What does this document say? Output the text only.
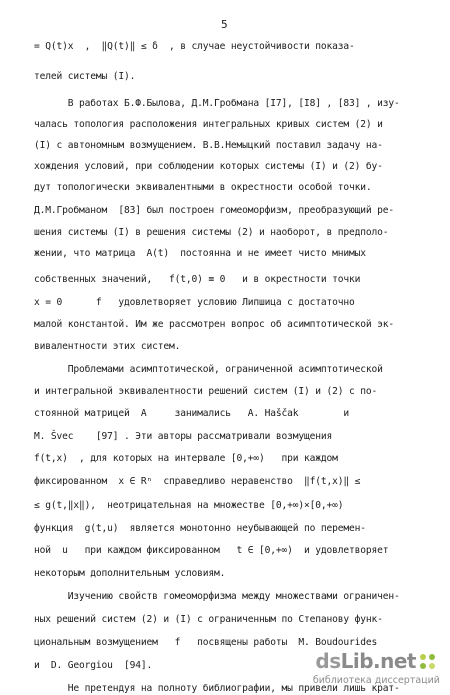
5
= Q(t)x  ,  ‖Q(t)‖ ≤ δ  , в случае неустойчивости показа-
телей системы (I).
В работах Б.Ф.Былова, Д.М.Гробмана [I7], [I8] , [83] , изу-
чалась топология расположения интегральных кривых систем (2) и
(I) с автономным возмущением. В.В.Немыцкий поставил задачу на-
хождения условий, при соблюдении которых системы (I) и (2) бу-
дут топологически эквивалентными в окрестности особой точки.
Д.М.Гробманом  [83] был построен гомеоморфизм, преобразующий ре-
шения системы (I) в решения системы (2) и наоборот, в предполо-
жении, что матрица  A(t)  постоянна и не имеет чисто мнимых
собственных значений,   f(t,0) ≡ 0   и в окрестности точки
x = 0      f   удовлетворяет условию Липшица с достаточно
малой константой. Им же рассмотрен вопрос об асимптотической эк-
вивалентности этих систем.
Проблемами асимптотической, ограниченной асимптотической
и интегральной эквивалентности решений систем (I) и (2) с по-
стоянной матрицей  A     занимались   A. Haščak        и
M. Švec    [97] . Эти авторы рассматривали возмущения
f(t,x)  , для которых на интервале [0,+∞)   при каждом
фиксированном  x ∈ Rⁿ  справедливо неравенство  ‖f(t,x)‖ ≤
≤ g(t,‖x‖),  неотрицательная на множестве [0,+∞)×[0,+∞)
функция  g(t,u)  является монотонно неубывающей по перемен-
ной  u   при каждом фиксированном   t ∈ [0,+∞)  и удовлетворяет
некоторым дополнительным условиям.
Изучению свойств гомеоморфизма между множествами ограничен-
ных решений систем (2) и (I) с ограниченным по Степанову функ-
циональным возмущением   f   посвящены работы  M. Boudourides
и  D. Georgiou  [94].
Не претендуя на полноту библиографии, мы привели лишь крат-
dsLib.net
библиотека диссертаций
